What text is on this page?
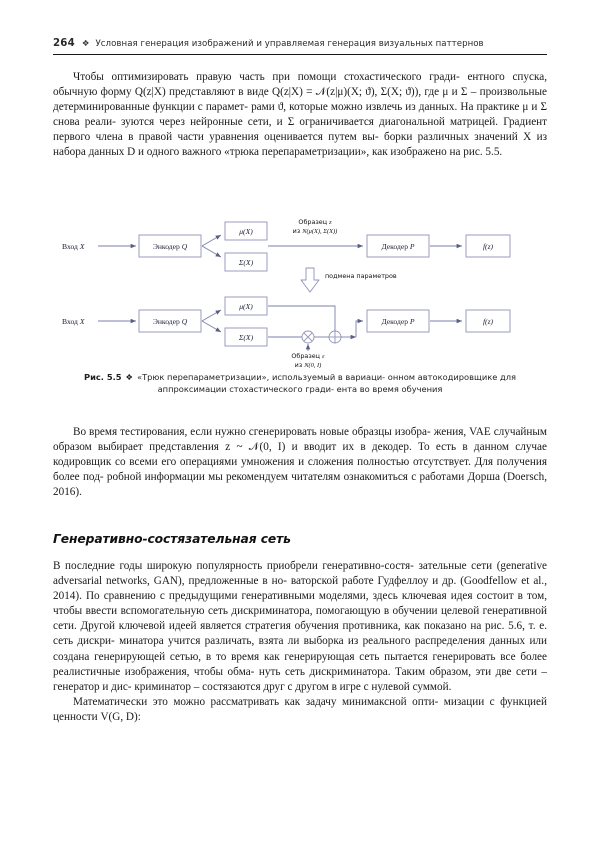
264 ❖ Условная генерация изображений и управляемая генерация визуальных паттернов

Чтобы оптимизировать правую часть при помощи стохастического гради- ентного спуска, обычную форму Q(z|X) представляют в виде Q(z|X) = 𝒩(z|μ)(X; ϑ), Σ(X; ϑ)), где μ и Σ – произвольные детерминированные функции с парамет- рами ϑ, которые можно извлечь из данных. На практике μ и Σ снова реали- зуются через нейронные сети, и Σ ограничивается диагональной матрицей. Градиент первого члена в правой части уравнения оценивается путем вы- борки различных значений X из набора данных D и одного важного «трюка перепараметризации», как изображено на рис. 5.5.

Вход X	Энкодер Q
μ(X)
Σ(X)
Образец z
из N(μ(X), Σ(X))
Декодер P	f(z)
подмена параметров
Вход X	Энкодер Q
μ(X)
Σ(X)
Образец ε
из N(0, I)
Декодер P	f(z)
Рис. 5.5 ❖ «Трюк перепараметризации», используемый в вариаци- онном автокодировщике для аппроксимации стохастического гради- ента во время обучения

Во время тестирования, если нужно сгенерировать новые образцы изобра- жения, VAE случайным образом выбирает представления z ~ 𝒩(0, I) и вводит их в декодер. То есть в данном случае кодировщик со всеми его операциями умножения и сложения полностью отсутствует. Для получения более под- робной информации мы рекомендуем читателям ознакомиться с работами Дорша (Doersch, 2016).

Генеративно-состязательная сеть

В последние годы широкую популярность приобрели генеративно-состя- зательные сети (generative adversarial networks, GAN), предложенные в но- ваторской работе Гудфеллоу и др. (Goodfellow et al., 2014). По сравнению с предыдущими генеративными моделями, здесь ключевая идея состоит в том, чтобы ввести вспомогательную сеть дискриминатора, помогающую в обучении целевой генеративной сети. Другой ключевой идеей является стратегия обучения противника, как показано на рис. 5.6, т. е. сеть дискри- минатора учится различать, взята ли выборка из реального распределения данных или создана генерирующей сетью, в то время как генерирующая сеть пытается генерировать все более реалистичные изображения, чтобы обма- нуть сеть дискриминатора. Таким образом, эти две сети – генератор и дис- криминатор – состязаются друг с другом в игре с нулевой суммой.

Математически это можно рассматривать как задачу минимаксной опти- мизации с функцией ценности V(G, D):
